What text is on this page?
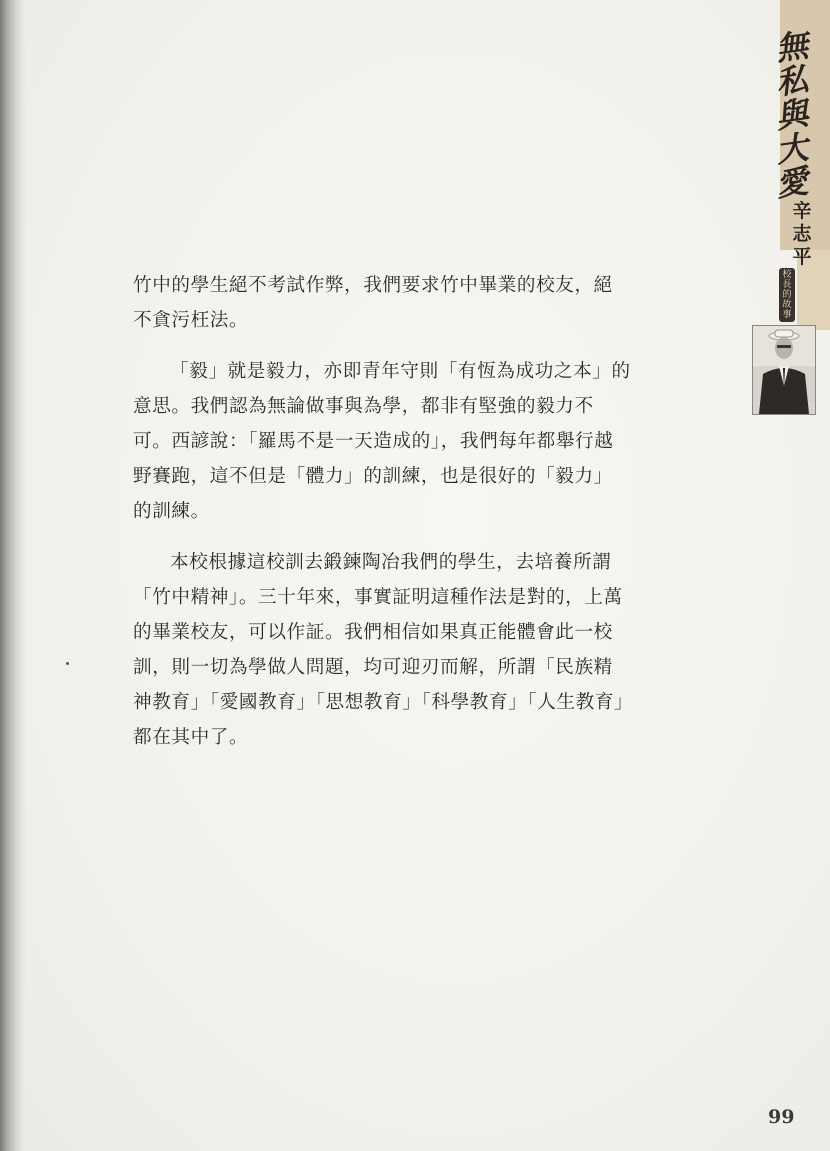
無
私
與
大
愛
辛
志
平
校
長
的
故
事

竹中的學生絕不考試作弊，我們要求竹中畢業的校友，絕
不貪污枉法。

「毅」就是毅力，亦即青年守則「有恆為成功之本」的
意思。我們認為無論做事與為學，都非有堅強的毅力不
可。西諺說：「羅馬不是一天造成的」，我們每年都舉行越
野賽跑，這不但是「體力」的訓練，也是很好的「毅力」
的訓練。

本校根據這校訓去鍛鍊陶冶我們的學生，去培養所謂
「竹中精神」。三十年來，事實証明這種作法是對的，上萬
的畢業校友，可以作証。我們相信如果真正能體會此一校
訓，則一切為學做人問題，均可迎刃而解，所謂「民族精
神教育」「愛國教育」「思想教育」「科學教育」「人生教育」
都在其中了。

99
